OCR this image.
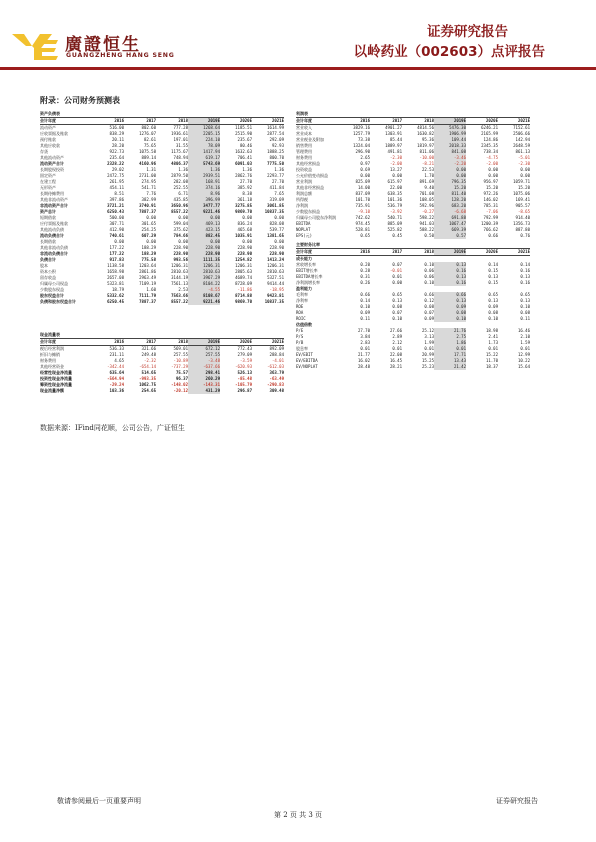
廣證恒生
GUANGZHENG HANG SENG
证券研究报告
以岭药业（002603）点评报告
附录：公司财务预测表
资产负债表
会计年度	2016	2017	2018	2019E	2020E	2021E
流动资产	516.00	802.60	777.28	1268.64	1185.51	1614.99
应收票据及账款	838.29	1276.07	1936.61	2205.15	2515.90	2877.54
预付账款	20.11	82.61	197.01	224.10	235.67	292.09
其他应收款	28.20	75.65	31.55	78.09	80.46	92.93
存货	922.73	1075.58	1175.67	1417.94	1632.63	1888.25
其他流动资产	235.64	889.14	748.94	619.17	706.41	800.70
流动资产合计	2328.22	4160.96	4806.37	5743.69	6091.03	7775.50
长期股权投资	29.02	1.31	1.36	1.36	1.36	1.36
固定资产	2472.75	2731.00	2879.50	2939.51	2862.76	2293.77
在建工程	261.95	274.95	282.08	168.91	27.70	27.70
无形资产	454.11	541.71	252.55	374.16	385.92	411.84
长期待摊费用	8.51	7.76	6.71	8.96	8.38	7.65
其他非流动资产	397.86	382.99	435.85	396.99	361.18	319.09
非流动资产合计	3721.21	3740.91	3650.96	3477.77	3275.85	3061.85
资产总计	6250.43	7887.37	8557.22	9221.46	9869.70	10837.35
短期借款	500.00	0.00	0.00	0.00	0.00	0.00
应付票据及账款	307.71	301.65	599.04	469.13	836.24	828.08
其他流动负债	412.90	254.25	375.62	423.15	465.68	539.77
流动负债合计	740.61	607.29	784.66	882.45	1035.91	1381.65
长期借款	0.00	0.00	0.00	0.00	0.00	0.00
其他非流动负债	177.22	188.29	228.90	228.90	228.90	228.90
非流动负债合计	177.22	188.29	228.90	228.90	228.90	228.90
负债合计	917.83	775.58	993.56	1111.35	1254.82	1413.24
股本	1138.58	1203.64	1206.31	1206.31	1206.31	1206.31
资本公积	1658.98	2861.86	2810.63	2810.63	2805.63	2810.63
留存收益	2657.08	2963.49	3144.19	3967.29	4689.74	5327.51
归属母公司权益	5323.81	7109.19	7561.13	8104.22	8728.09	9414.44
少数股东权益	18.79	1.60	2.53	-4.55	-11.86	-18.95
股东权益合计	5332.62	7111.79	7563.66	8108.67	8714.88	9423.81
负债和股东权益合计	6250.45	7887.37	8557.22	9221.46	9869.70	10837.35
现金流量表
会计年度	2016	2017	2018	2019E	2020E	2021E
税后经营利润	536.33	321.66	569.01	672.12	772.43	892.09
折旧与摊销	231.11	249.48	257.55	257.55	279.09	288.84
财务费用	4.65	-2.32	-10.89	-3.48	-3.59	-4.01
其他经营资金	-342.44	-654.14	-737.29	-637.66	-620.93	-612.03
经营性现金净流量	635.64	514.65	75.57	298.41	526.13	363.79
投资性现金净流量	-564.94	-993.35	96.37	260.29	-85.48	-63.49
筹资性现金净流量	-29.24	1062.75	-148.02	-143.31	-105.79	-290.83
现金流量净额	103.36	254.65	-20.12	431.29	296.87	309.48
利润表
会计年度	2016	2017	2018	2019E	2020E	2021E
营业收入	3829.16	4901.27	4814.56	5476.30	6246.21	7152.61
营业成本	1257.79	1303.91	1630.82	1906.99	2165.99	2506.66
营业税金及附加	73.38	85.44	95.36	109.44	124.86	142.94
销售费用	1324.04	1889.97	1819.97	2018.33	2345.35	2648.59
管理费用	296.90	491.81	811.06	841.08	738.34	861.13
财务费用	2.65	-2.30	-10.00	-3.46	-4.75	-5.01
其他经营损益	0.97	-2.00	-8.21	-2.20	-2.00	-2.30
投资收益	0.69	13.27	22.53	0.00	0.00	0.00
公允价值变动损益	0.00	0.00	1.70	0.00	0.00	0.00
营业利润	825.09	615.97	891.69	796.35	956.97	1059.71
其他非经营损益	14.00	22.00	9.40	15.20	15.20	15.20
利润总额	837.09	638.35	701.08	811.40	972.26	1075.06
所得税	101.70	101.36	108.05	128.20	146.02	169.41
净利润	735.91	536.79	592.96	683.20	785.31	905.57
少数股东损益	-9.10	-3.92	-0.27	-6.68	-7.06	-8.65
归属母公司股东净利润	742.62	540.71	598.22	691.88	792.99	914.40
EBITDA	974.45	885.09	941.03	1067.47	1200.39	1356.73
NOPLAT	528.81	525.82	588.22	669.39	766.62	887.80
EPS(元)	0.65	0.45	0.50	0.57	0.66	0.76
主要财务比率
会计年度	2016	2017	2018	2019E	2020E	2021E
成长能力
营收增长率	0.20	0.07	0.10	0.13	0.14	0.14
EBIT增长率	0.28	-0.01	0.06	0.16	0.15	0.16
EBITDA增长率	0.31	0.01	0.06	0.13	0.13	0.13
净利润增长率	0.26	0.00	0.10	0.16	0.15	0.16
盈利能力
毛利率	0.66	0.65	0.66	0.66	0.65	0.65
净利率	0.14	0.13	0.12	0.13	0.13	0.13
ROE	0.10	0.08	0.08	0.09	0.09	0.10
ROA	0.09	0.07	0.07	0.08	0.08	0.08
ROIC	0.11	0.10	0.09	0.10	0.10	0.11
估值倍数
P/E	27.70	27.66	25.12	21.76	18.98	16.46
P/S	3.84	2.89	3.13	2.75	2.41	2.10
P/B	2.83	2.12	1.99	1.86	1.73	1.59
股息率	0.01	0.01	0.01	0.01	0.01	0.01
EV/EBIT	21.77	22.08	20.99	17.71	15.22	12.99
EV/EBITDA	16.02	16.45	15.25	13.43	11.70	10.22
EV/NOPLAT	28.48	28.21	25.23	21.42	18.37	15.64
数据来源：IFind同花顺，公司公告，广证恒生
敬请参阅最后一页重要声明	证券研究报告
第 2 页 共 3 页
